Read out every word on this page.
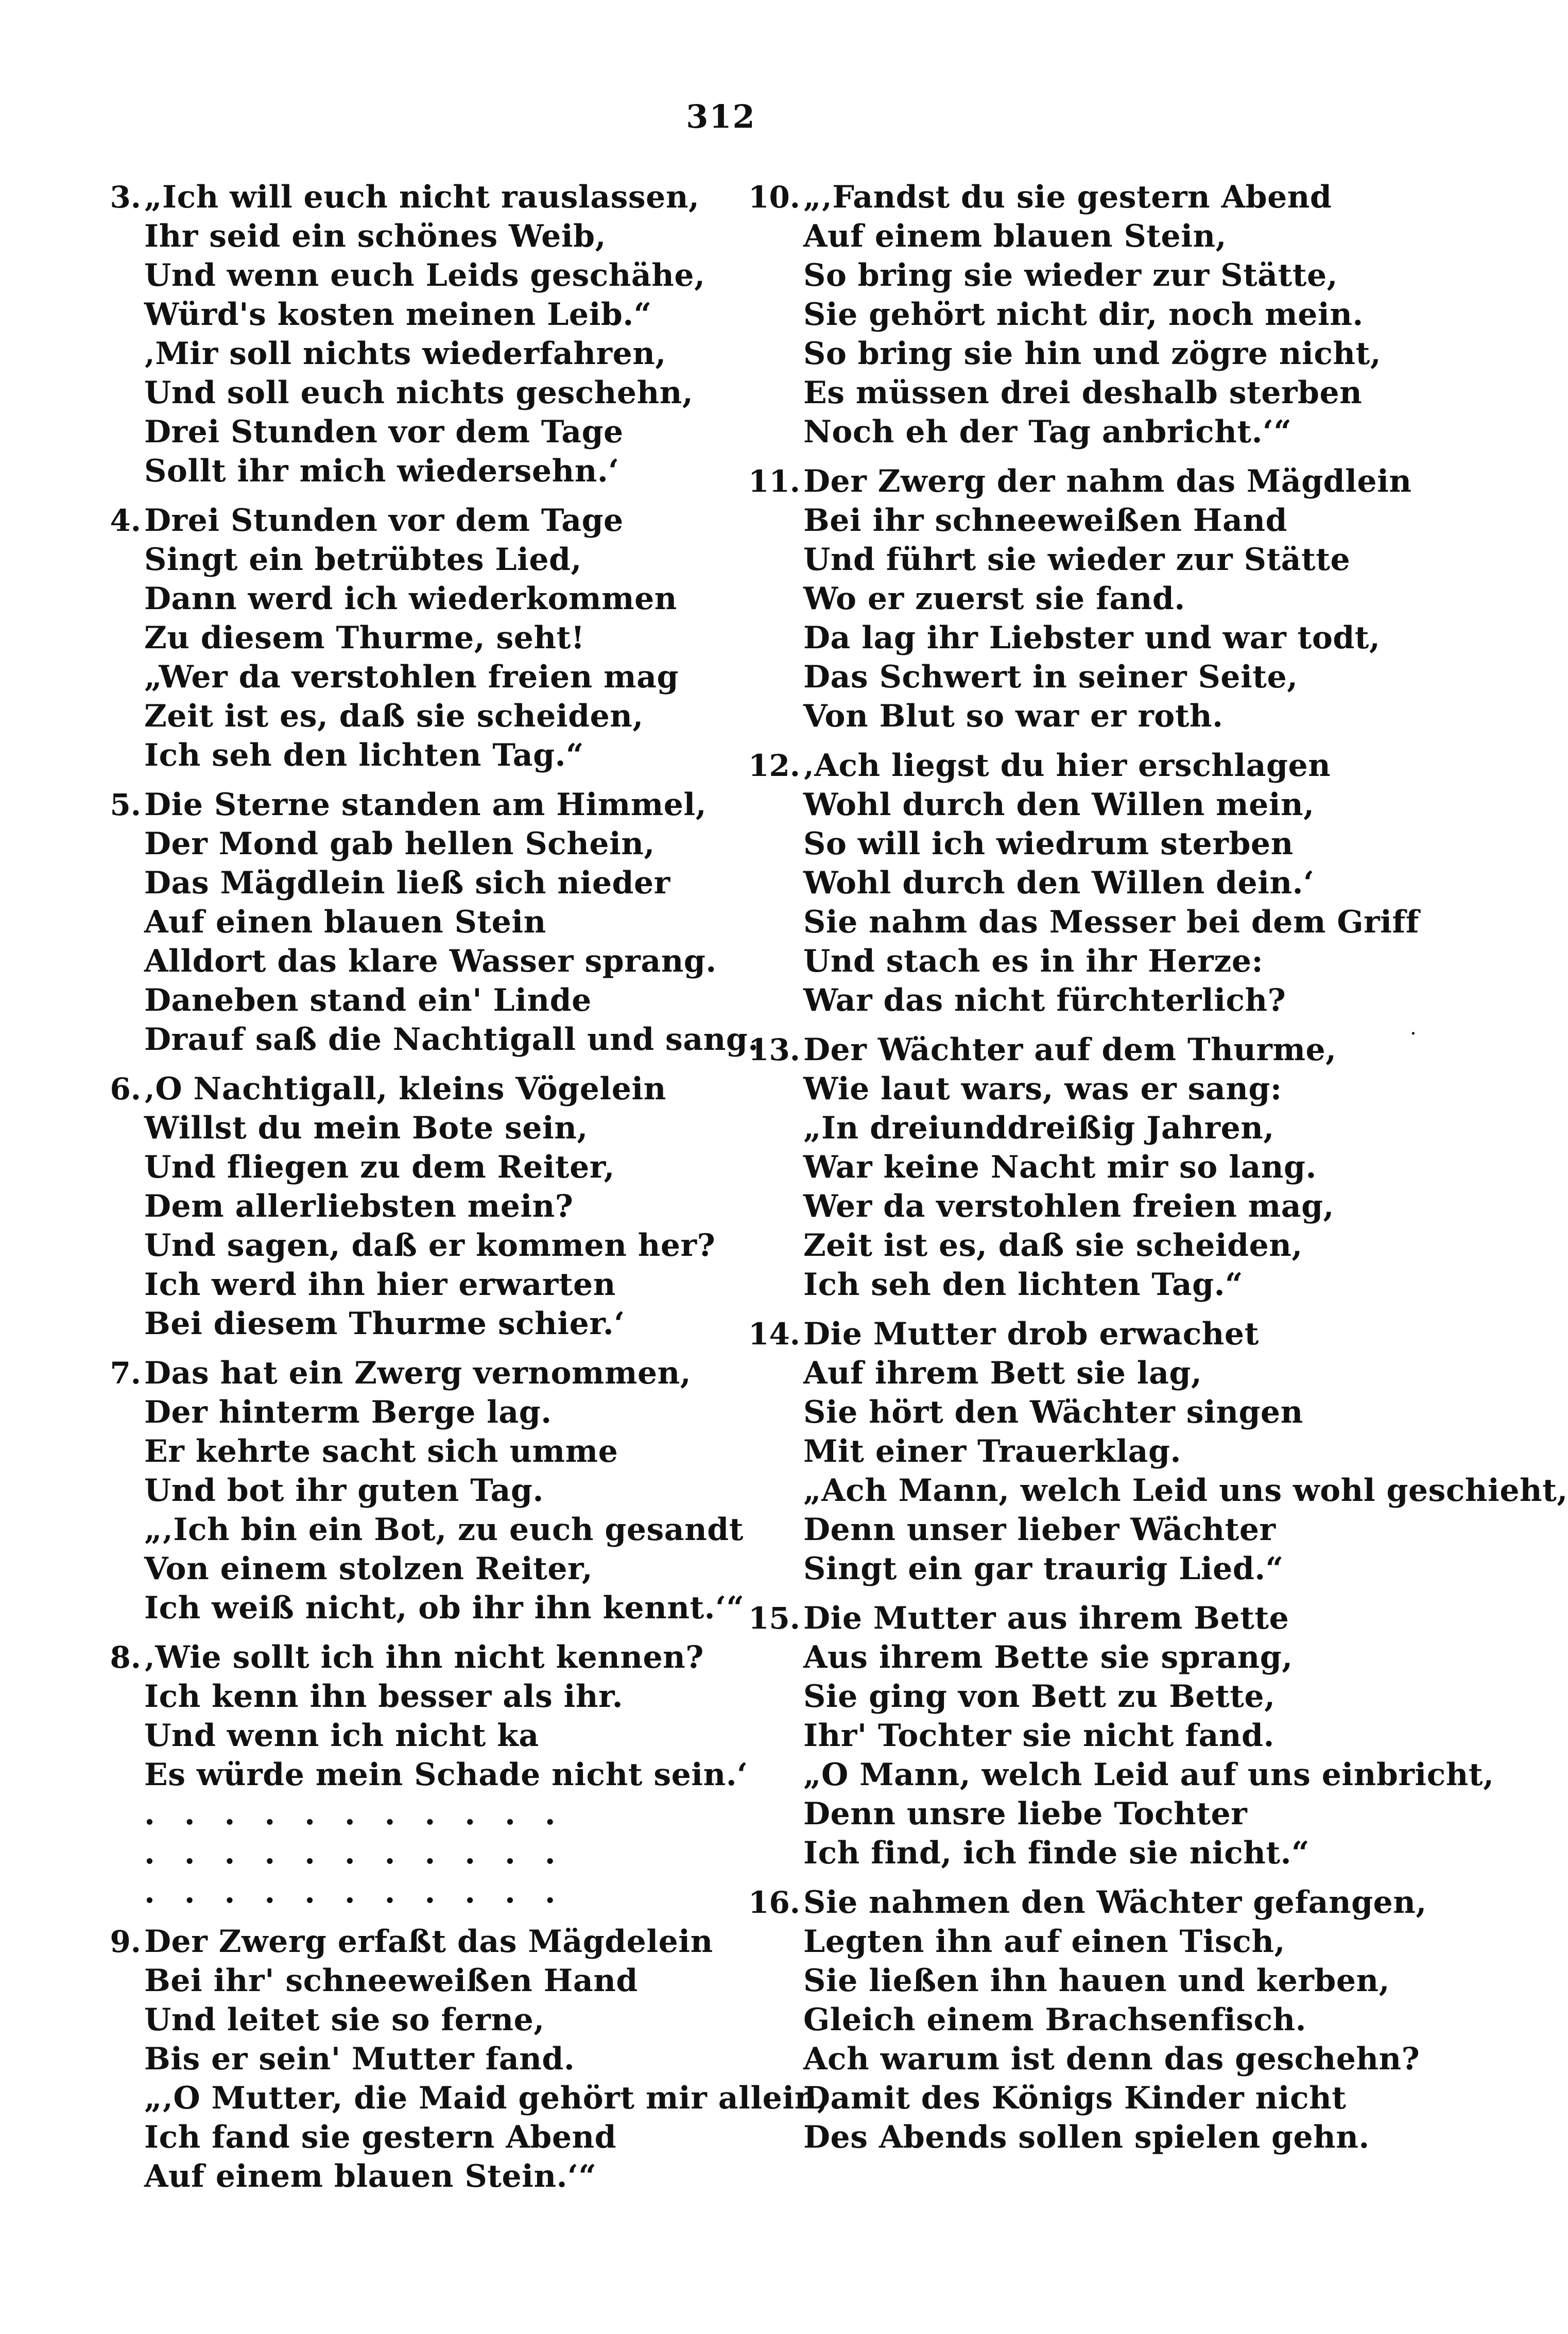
312
3. „Ich will euch nicht rauslassen,
Ihr seid ein schönes Weib,
Und wenn euch Leids geschähe,
Würd's kosten meinen Leib.“
‚Mir soll nichts wiederfahren,
Und soll euch nichts geschehn,
Drei Stunden vor dem Tage
Sollt ihr mich wiedersehn.‘
4. Drei Stunden vor dem Tage
Singt ein betrübtes Lied,
Dann werd ich wiederkommen
Zu diesem Thurme, seht!
„Wer da verstohlen freien mag
Zeit ist es, daß sie scheiden,
Ich seh den lichten Tag.“
5. Die Sterne standen am Himmel,
Der Mond gab hellen Schein,
Das Mägdlein ließ sich nieder
Auf einen blauen Stein
Alldort das klare Wasser sprang.
Daneben stand ein' Linde
Drauf saß die Nachtigall und sang.
6. ‚O Nachtigall, kleins Vögelein
Willst du mein Bote sein,
Und fliegen zu dem Reiter,
Dem allerliebsten mein?
Und sagen, daß er kommen her?
Ich werd ihn hier erwarten
Bei diesem Thurme schier.‘
7. Das hat ein Zwerg vernommen,
Der hinterm Berge lag.
Er kehrte sacht sich umme
Und bot ihr guten Tag.
„‚Ich bin ein Bot, zu euch gesandt
Von einem stolzen Reiter,
Ich weiß nicht, ob ihr ihn kennt.‘“
8. ‚Wie sollt ich ihn nicht kennen?
Ich kenn ihn besser als ihr.
Und wenn ich nicht ka
Es würde mein Schade nicht sein.‘
. . . . . . . . . . .
. . . . . . . . . . .
. . . . . . . . . . .
9. Der Zwerg erfaßt das Mägdelein
Bei ihr' schneeweißen Hand
Und leitet sie so ferne,
Bis er sein' Mutter fand.
„‚O Mutter, die Maid gehört mir allein,
Ich fand sie gestern Abend
Auf einem blauen Stein.‘“
10. „‚Fandst du sie gestern Abend
Auf einem blauen Stein,
So bring sie wieder zur Stätte,
Sie gehört nicht dir, noch mein.
So bring sie hin und zögre nicht,
Es müssen drei deshalb sterben
Noch eh der Tag anbricht.‘“
11. Der Zwerg der nahm das Mägdlein
Bei ihr schneeweißen Hand
Und führt sie wieder zur Stätte
Wo er zuerst sie fand.
Da lag ihr Liebster und war todt,
Das Schwert in seiner Seite,
Von Blut so war er roth.
12. ‚Ach liegst du hier erschlagen
Wohl durch den Willen mein,
So will ich wiedrum sterben
Wohl durch den Willen dein.‘
Sie nahm das Messer bei dem Griff
Und stach es in ihr Herze:
War das nicht fürchterlich?
13. Der Wächter auf dem Thurme,
Wie laut wars, was er sang:
„In dreiunddreißig Jahren,
War keine Nacht mir so lang.
Wer da verstohlen freien mag,
Zeit ist es, daß sie scheiden,
Ich seh den lichten Tag.“
14. Die Mutter drob erwachet
Auf ihrem Bett sie lag,
Sie hört den Wächter singen
Mit einer Trauerklag.
„Ach Mann, welch Leid uns wohl geschieht,
Denn unser lieber Wächter
Singt ein gar traurig Lied.“
15. Die Mutter aus ihrem Bette
Aus ihrem Bette sie sprang,
Sie ging von Bett zu Bette,
Ihr' Tochter sie nicht fand.
„O Mann, welch Leid auf uns einbricht,
Denn unsre liebe Tochter
Ich find, ich finde sie nicht.“
16. Sie nahmen den Wächter gefangen,
Legten ihn auf einen Tisch,
Sie ließen ihn hauen und kerben,
Gleich einem Brachsenfisch.
Ach warum ist denn das geschehn?
Damit des Königs Kinder nicht
Des Abends sollen spielen gehn.
·
